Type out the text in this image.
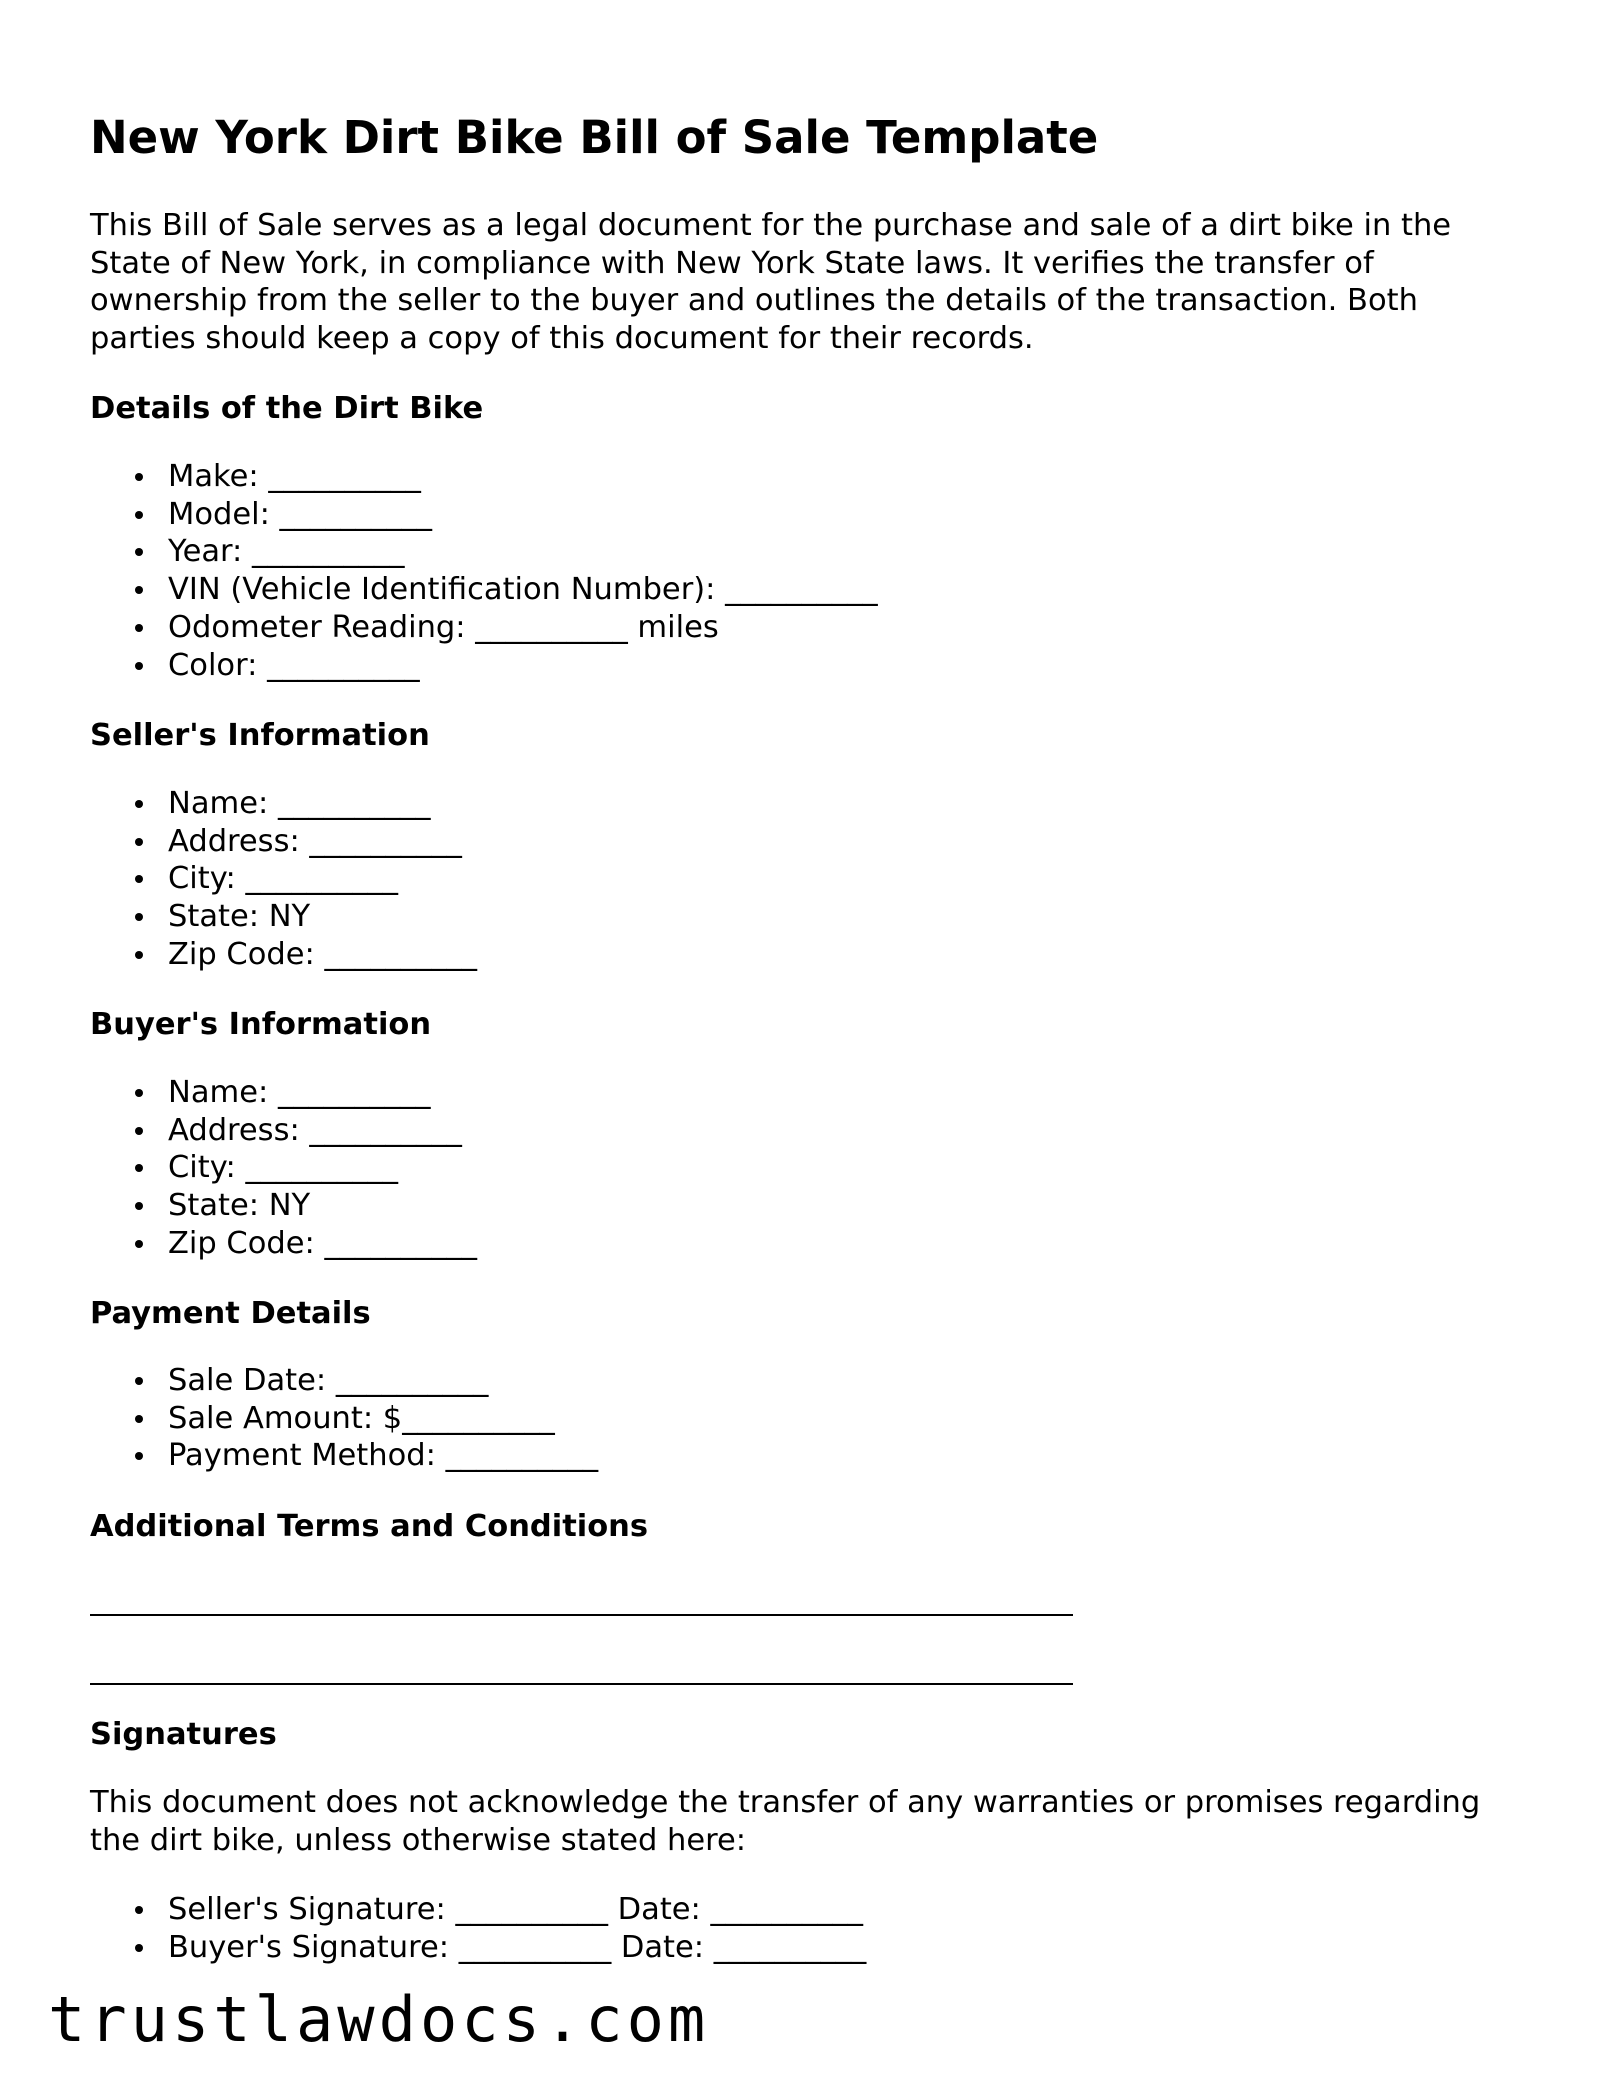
New York Dirt Bike Bill of Sale Template

This Bill of Sale serves as a legal document for the purchase and sale of a dirt bike in the State of New York, in compliance with New York State laws. It verifies the transfer of ownership from the seller to the buyer and outlines the details of the transaction. Both parties should keep a copy of this document for their records.

Details of the Dirt Bike
Make: __________
Model: __________
Year: __________
VIN (Vehicle Identification Number): __________
Odometer Reading: __________ miles
Color: __________
Seller's Information
Name: __________
Address: __________
City: __________
State: NY
Zip Code: __________
Buyer's Information
Name: __________
Address: __________
City: __________
State: NY
Zip Code: __________
Payment Details
Sale Date: __________
Sale Amount: $__________
Payment Method: __________
Additional Terms and Conditions
Signatures

This document does not acknowledge the transfer of any warranties or promises regarding the dirt bike, unless otherwise stated here:

Seller's Signature: __________ Date: __________
Buyer's Signature: __________ Date: __________
trustlawdocs.com
